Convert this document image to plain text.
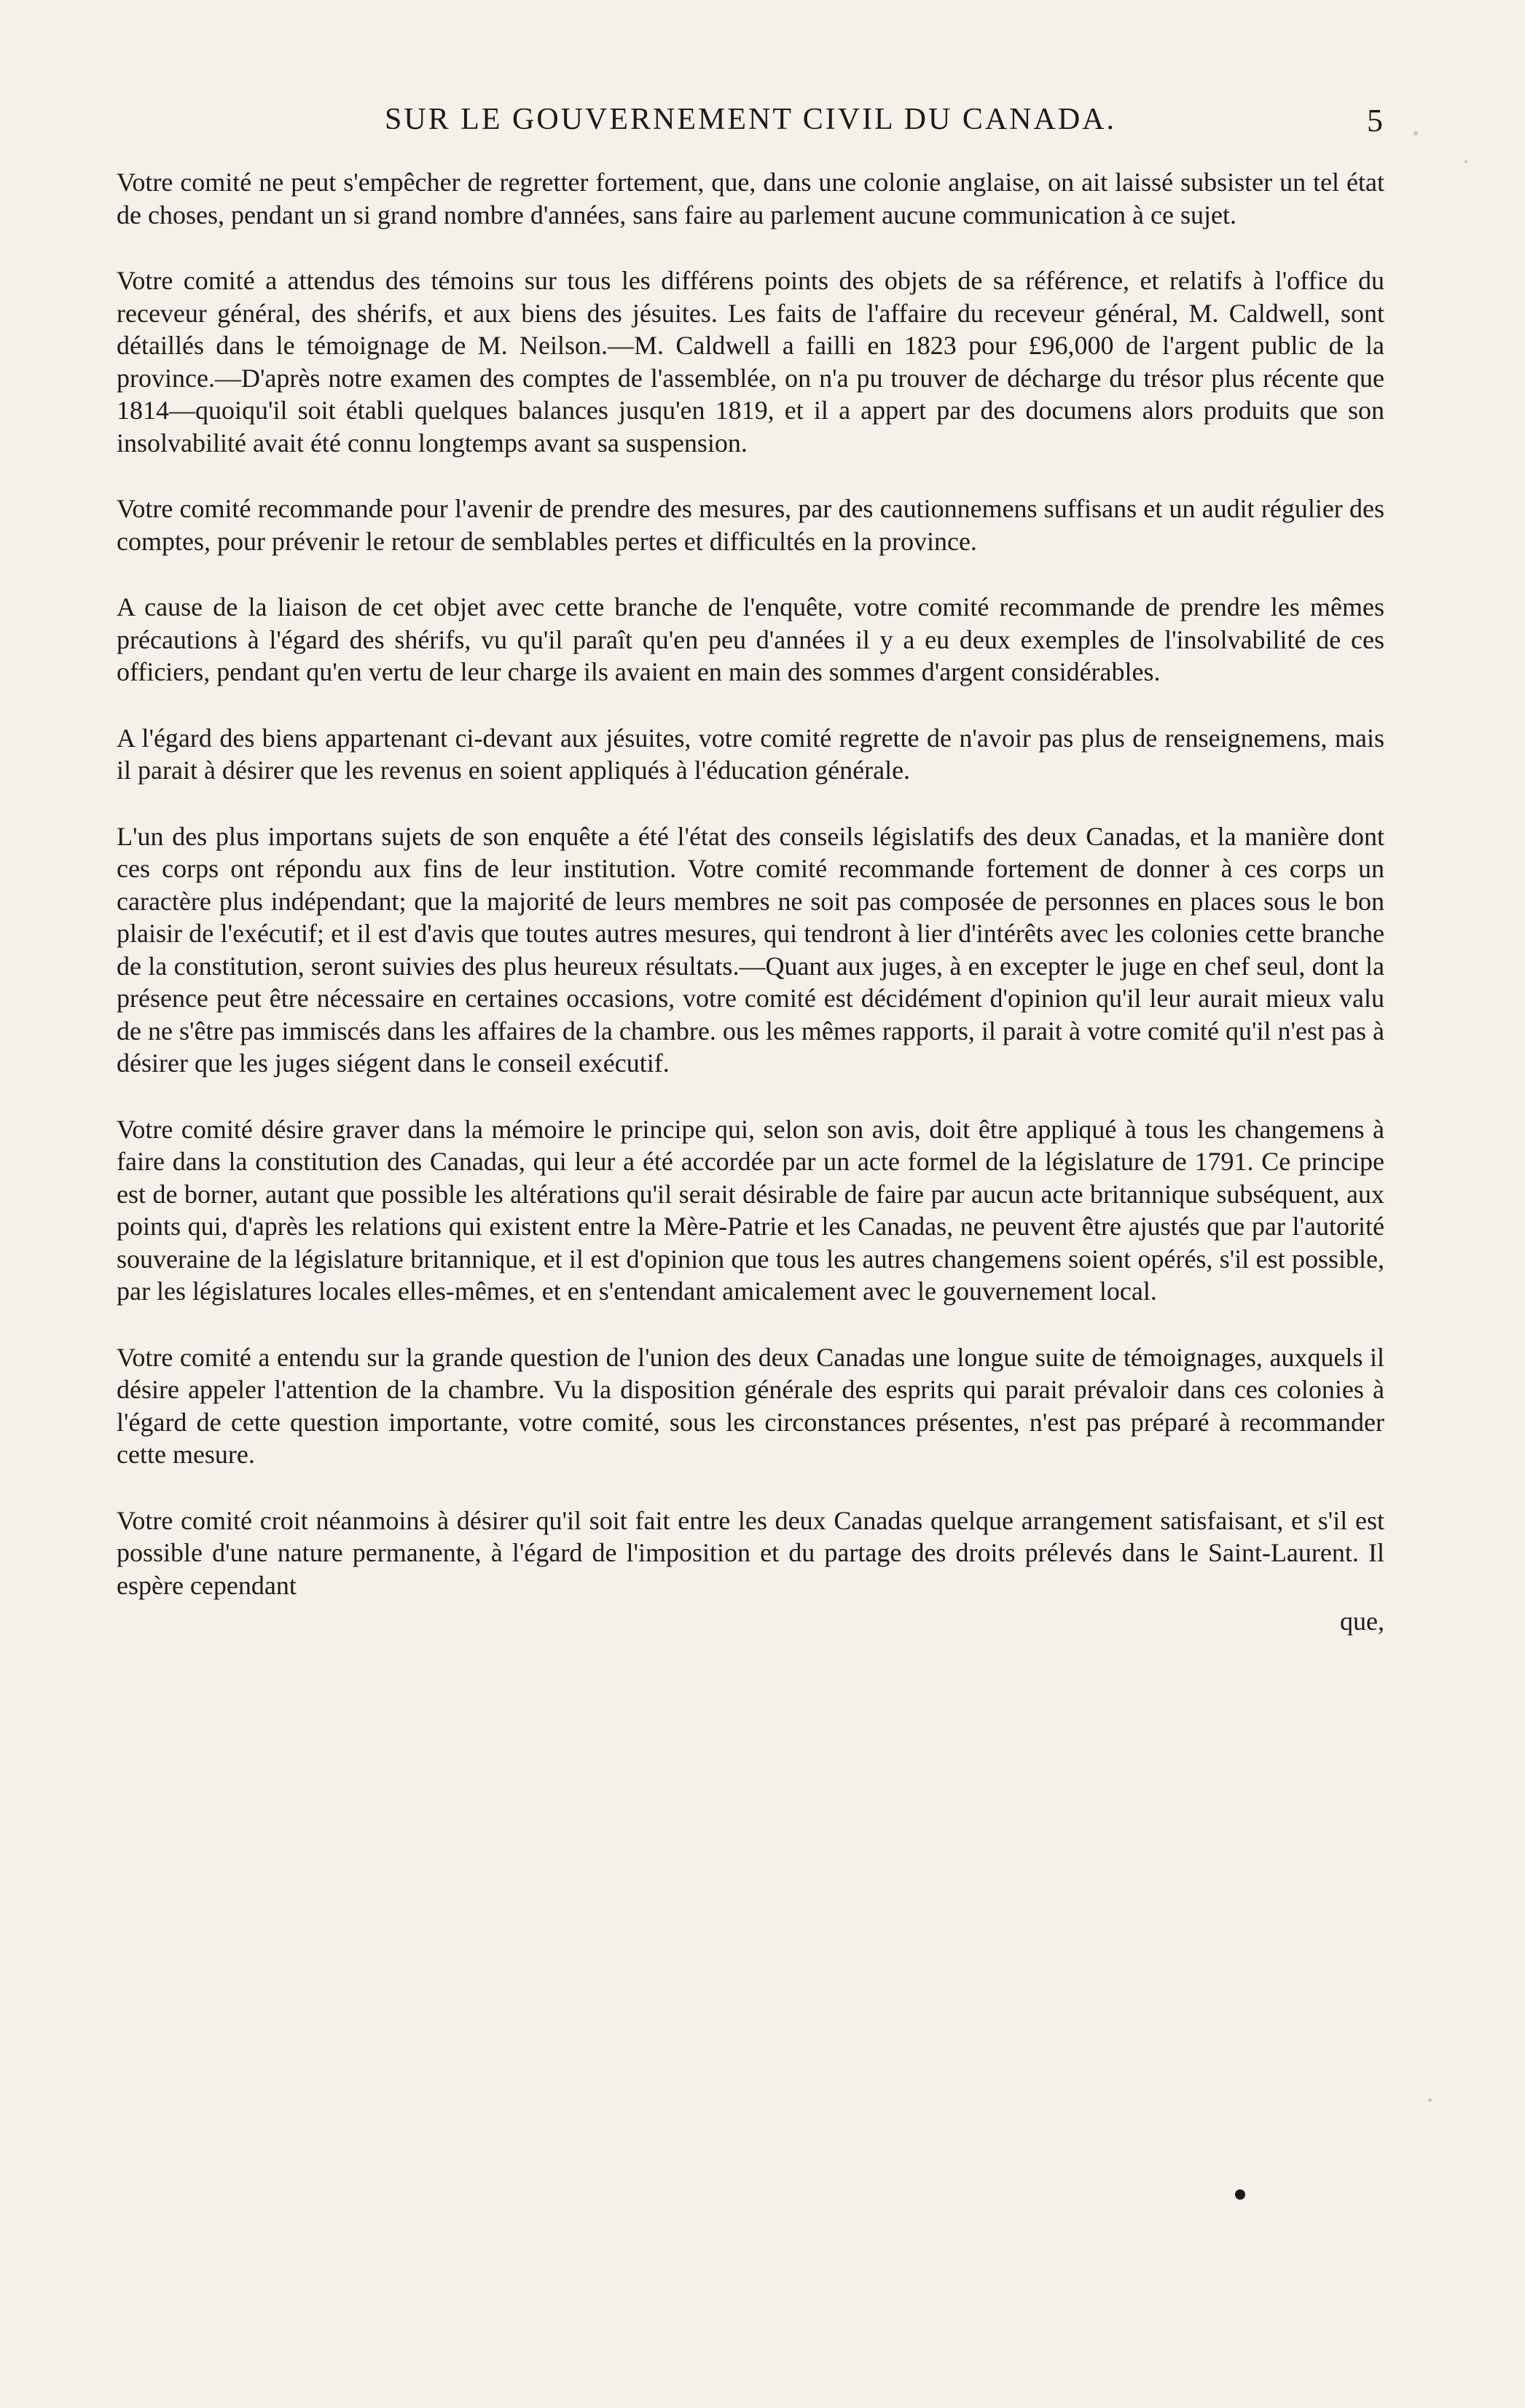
SUR LE GOUVERNEMENT CIVIL DU CANADA.	5

Votre comité ne peut s'empêcher de regretter fortement, que, dans une colonie anglaise, on ait laissé subsister un tel état de choses, pendant un si grand nombre d'années, sans faire au parlement aucune communication à ce sujet.

Votre comité a attendus des témoins sur tous les différens points des objets de sa référence, et relatifs à l'office du receveur général, des shérifs, et aux biens des jésuites. Les faits de l'affaire du receveur général, M. Caldwell, sont détaillés dans le témoignage de M. Neilson.—M. Caldwell a failli en 1823 pour £96,000 de l'argent public de la province.—D'après notre examen des comptes de l'assemblée, on n'a pu trouver de décharge du trésor plus récente que 1814—quoiqu'il soit établi quelques balances jusqu'en 1819, et il a appert par des documens alors produits que son insolvabilité avait été connu longtemps avant sa suspension.

Votre comité recommande pour l'avenir de prendre des mesures, par des cautionnemens suffisans et un audit régulier des comptes, pour prévenir le retour de semblables pertes et difficultés en la province.

A cause de la liaison de cet objet avec cette branche de l'enquête, votre comité recommande de prendre les mêmes précautions à l'égard des shérifs, vu qu'il paraît qu'en peu d'années il y a eu deux exemples de l'insolvabilité de ces officiers, pendant qu'en vertu de leur charge ils avaient en main des sommes d'argent considérables.

A l'égard des biens appartenant ci-devant aux jésuites, votre comité regrette de n'avoir pas plus de renseignemens, mais il parait à désirer que les revenus en soient appliqués à l'éducation générale.

L'un des plus importans sujets de son enquête a été l'état des conseils législatifs des deux Canadas, et la manière dont ces corps ont répondu aux fins de leur institution. Votre comité recommande fortement de donner à ces corps un caractère plus indépendant; que la majorité de leurs membres ne soit pas composée de personnes en places sous le bon plaisir de l'exécutif; et il est d'avis que toutes autres mesures, qui tendront à lier d'intérêts avec les colonies cette branche de la constitution, seront suivies des plus heureux résultats.—Quant aux juges, à en excepter le juge en chef seul, dont la présence peut être nécessaire en certaines occasions, votre comité est décidément d'opinion qu'il leur aurait mieux valu de ne s'être pas immiscés dans les affaires de la chambre. ous les mêmes rapports, il parait à votre comité qu'il n'est pas à désirer que les juges siégent dans le conseil exécutif.

Votre comité désire graver dans la mémoire le principe qui, selon son avis, doit être appliqué à tous les changemens à faire dans la constitution des Canadas, qui leur a été accordée par un acte formel de la législature de 1791. Ce principe est de borner, autant que possible les altérations qu'il serait désirable de faire par aucun acte britannique subséquent, aux points qui, d'après les relations qui existent entre la Mère-Patrie et les Canadas, ne peuvent être ajustés que par l'autorité souveraine de la législature britannique, et il est d'opinion que tous les autres changemens soient opérés, s'il est possible, par les législatures locales elles-mêmes, et en s'entendant amicalement avec le gouvernement local.

Votre comité a entendu sur la grande question de l'union des deux Canadas une longue suite de témoignages, auxquels il désire appeler l'attention de la chambre. Vu la disposition générale des esprits qui parait prévaloir dans ces colonies à l'égard de cette question importante, votre comité, sous les circonstances présentes, n'est pas préparé à recommander cette mesure.

Votre comité croit néanmoins à désirer qu'il soit fait entre les deux Canadas quelque arrangement satisfaisant, et s'il est possible d'une nature permanente, à l'égard de l'imposition et du partage des droits prélevés dans le Saint-Laurent. Il espère cependant

que,
